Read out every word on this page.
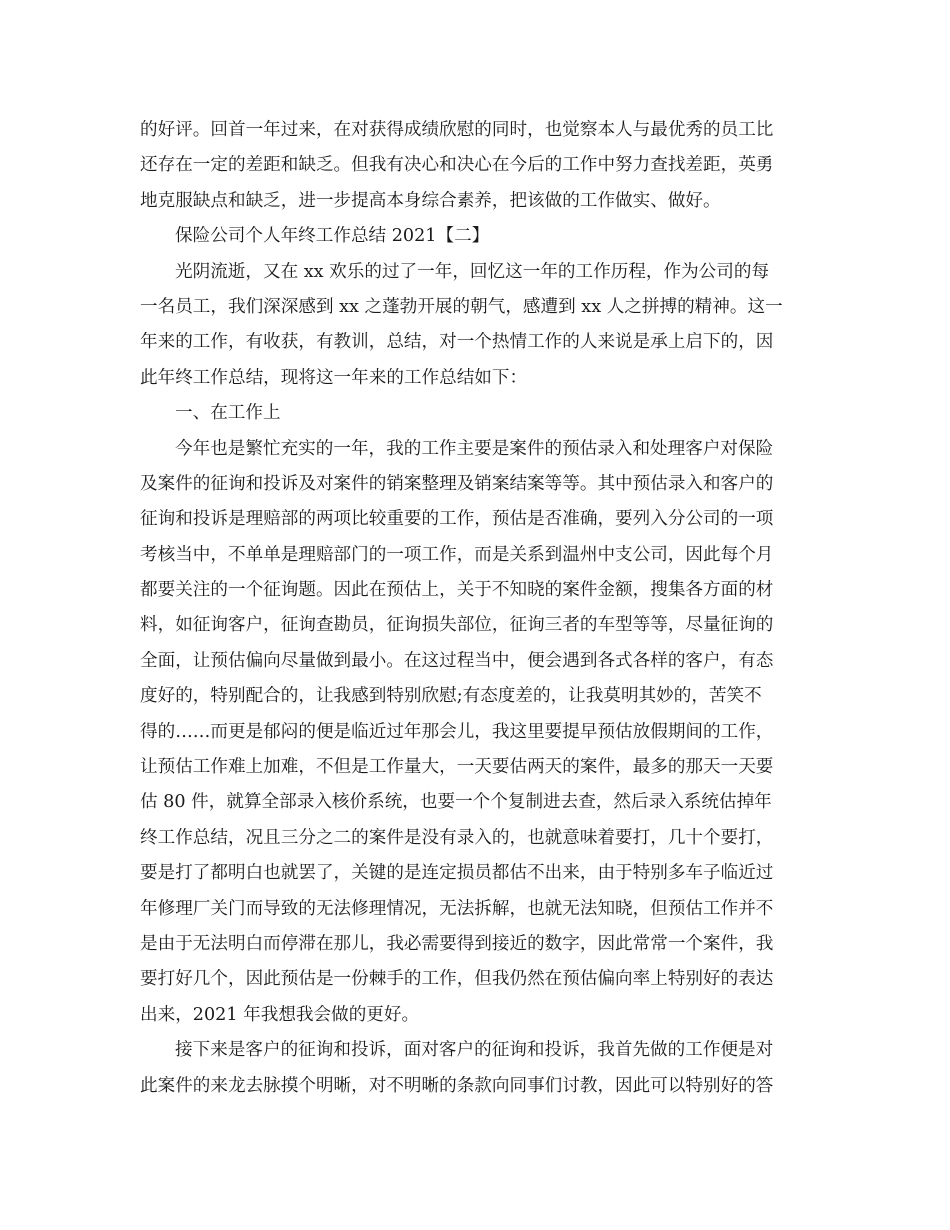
的好评。回首一年过来，在对获得成绩欣慰的同时，也觉察本人与最优秀的员工比
还存在一定的差距和缺乏。但我有决心和决心在今后的工作中努力查找差距，英勇
地克服缺点和缺乏，进一步提高本身综合素养，把该做的工作做实、做好。
保险公司个人年终工作总结 2021【二】
光阴流逝，又在 xx 欢乐的过了一年，回忆这一年的工作历程，作为公司的每
一名员工，我们深深感到 xx 之蓬勃开展的朝气，感遭到 xx 人之拼搏的精神。这一
年来的工作，有收获，有教训，总结，对一个热情工作的人来说是承上启下的，因
此年终工作总结，现将这一年来的工作总结如下：
一、在工作上
今年也是繁忙充实的一年，我的工作主要是案件的预估录入和处理客户对保险
及案件的征询和投诉及对案件的销案整理及销案结案等等。其中预估录入和客户的
征询和投诉是理赔部的两项比较重要的工作，预估是否准确，要列入分公司的一项
考核当中，不单单是理赔部门的一项工作，而是关系到温州中支公司，因此每个月
都要关注的一个征询题。因此在预估上，关于不知晓的案件金额，搜集各方面的材
料，如征询客户，征询查勘员，征询损失部位，征询三者的车型等等，尽量征询的
全面，让预估偏向尽量做到最小。在这过程当中，便会遇到各式各样的客户，有态
度好的，特别配合的，让我感到特别欣慰;有态度差的，让我莫明其妙的，苦笑不
得的……而更是郁闷的便是临近过年那会儿，我这里要提早预估放假期间的工作，
让预估工作难上加难，不但是工作量大，一天要估两天的案件，最多的那天一天要
估 80 件，就算全部录入核价系统，也要一个个复制进去查，然后录入系统估掉年
终工作总结，况且三分之二的案件是没有录入的，也就意味着要打，几十个要打，
要是打了都明白也就罢了，关键的是连定损员都估不出来，由于特别多车子临近过
年修理厂关门而导致的无法修理情况，无法拆解，也就无法知晓，但预估工作并不
是由于无法明白而停滞在那儿，我必需要得到接近的数字，因此常常一个案件，我
要打好几个，因此预估是一份棘手的工作，但我仍然在预估偏向率上特别好的表达
出来，2021 年我想我会做的更好。
接下来是客户的征询和投诉，面对客户的征询和投诉，我首先做的工作便是对
此案件的来龙去脉摸个明晰，对不明晰的条款向同事们讨教，因此可以特别好的答
